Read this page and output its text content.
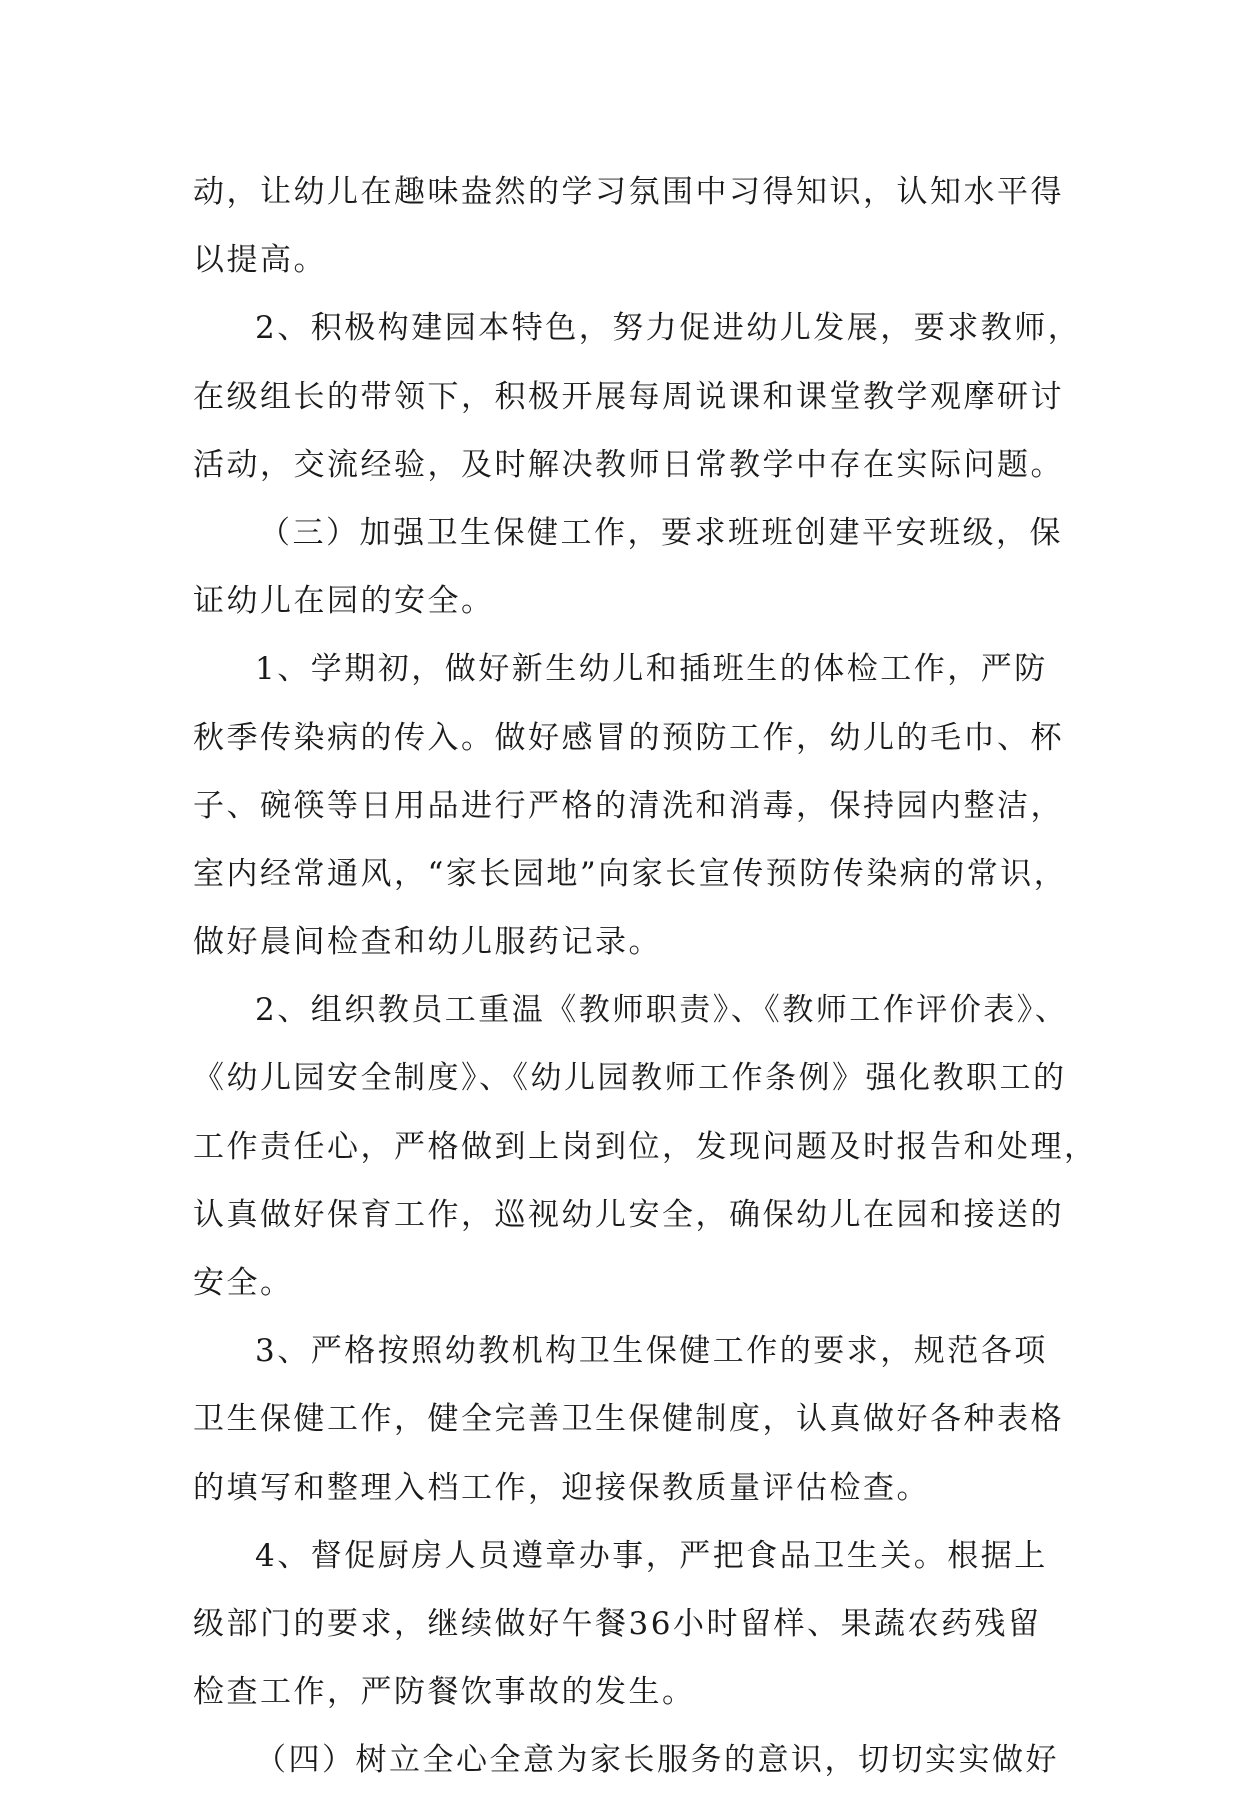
动，让幼儿在趣味盎然的学习氛围中习得知识，认知水平得
以提高。
2、积极构建园本特色，努力促进幼儿发展，要求教师，
在级组长的带领下，积极开展每周说课和课堂教学观摩研讨
活动，交流经验，及时解决教师日常教学中存在实际问题。
（三）加强卫生保健工作，要求班班创建平安班级，保
证幼儿在园的安全。
1、学期初，做好新生幼儿和插班生的体检工作，严防
秋季传染病的传入。做好感冒的预防工作，幼儿的毛巾、杯
子、碗筷等日用品进行严格的清洗和消毒，保持园内整洁，
室内经常通风，“家长园地”向家长宣传预防传染病的常识，
做好晨间检查和幼儿服药记录。
2、组织教员工重温《教师职责》、《教师工作评价表》、
《幼儿园安全制度》、《幼儿园教师工作条例》强化教职工的
工作责任心，严格做到上岗到位，发现问题及时报告和处理，
认真做好保育工作，巡视幼儿安全，确保幼儿在园和接送的
安全。
3、严格按照幼教机构卫生保健工作的要求，规范各项
卫生保健工作，健全完善卫生保健制度，认真做好各种表格
的填写和整理入档工作，迎接保教质量评估检查。
4、督促厨房人员遵章办事，严把食品卫生关。根据上
级部门的要求，继续做好午餐36小时留样、果蔬农药残留
检查工作，严防餐饮事故的发生。
（四）树立全心全意为家长服务的意识，切切实实做好
